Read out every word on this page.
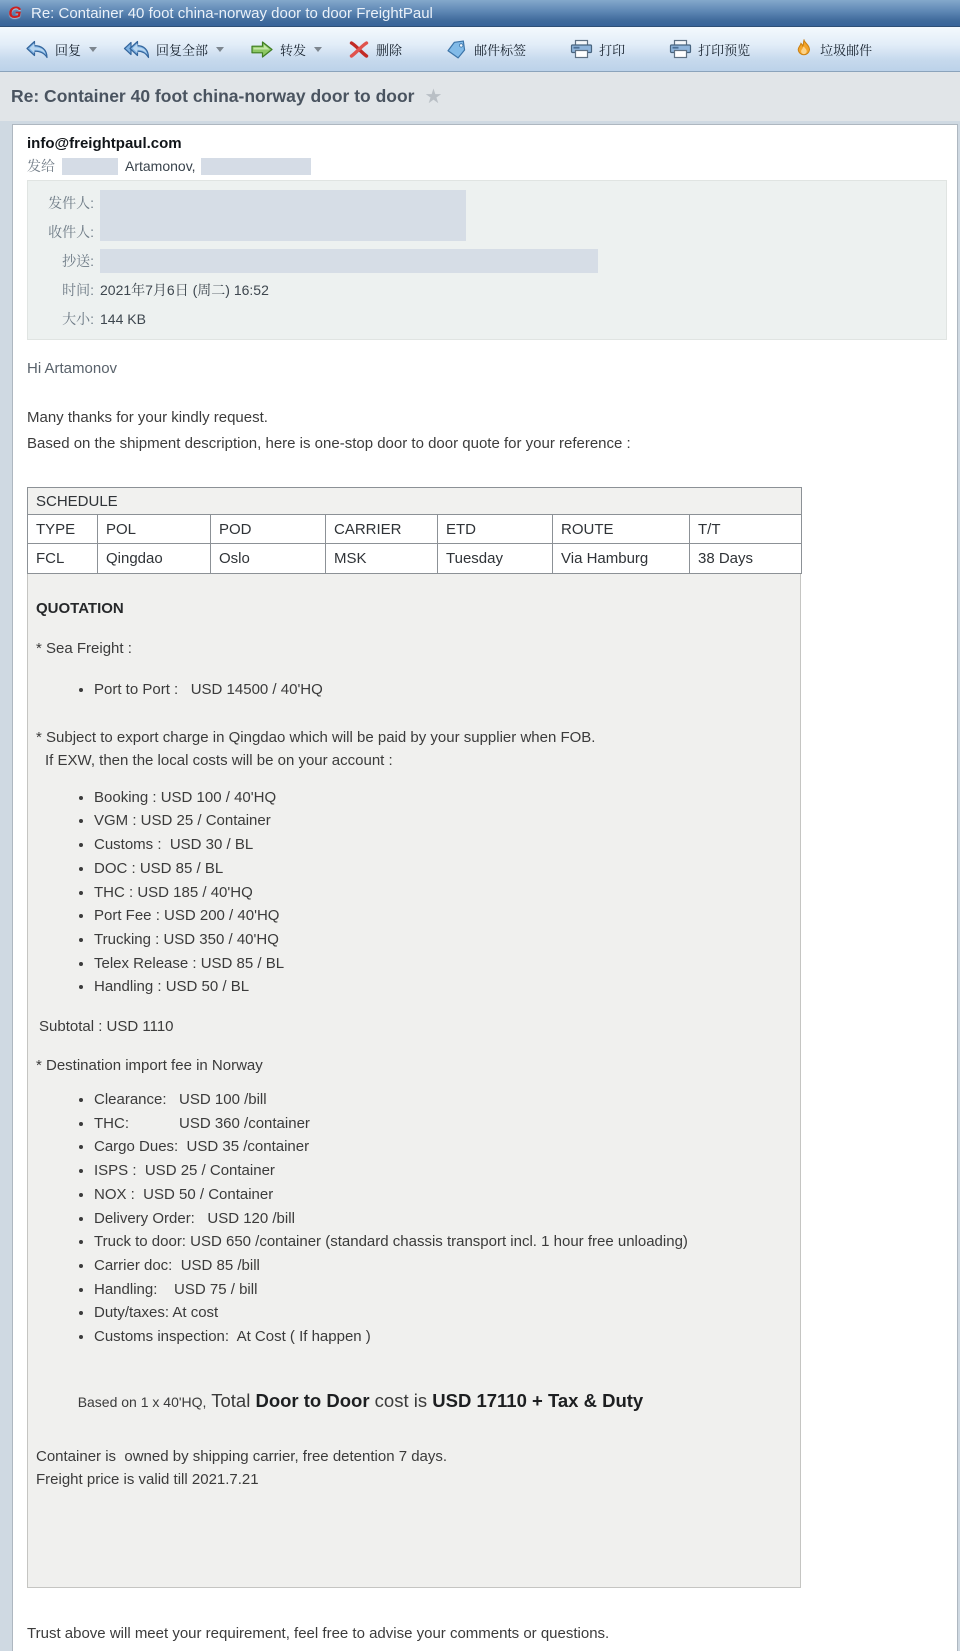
G Re: Container 40 foot china-norway door to door FreightPaul
回复	回复全部	转发	删除	邮件标签	打印	打印预览	垃圾邮件
Re: Container 40 foot china-norway door to door ★
info@freightpaul.com
发给	Artamonov,
发件人:
收件人:
抄送:
时间: 2021年7月6日 (周二) 16:52
大小: 144 KB
Hi Artamonov
Many thanks for your kindly request.
Based on the shipment description, here is one-stop door to door quote for your reference :
SCHEDULE						
TYPE	POL	POD	CARRIER	ETD	ROUTE	T/T
FCL	Qingdao	Oslo	MSK	Tuesday	Via Hamburg	38 Days
QUOTATION
* Sea Freight :
• Port to Port :   USD 14500 / 40'HQ
* Subject to export charge in Qingdao which will be paid by your supplier when FOB.
If EXW, then the local costs will be on your account :
• Booking : USD 100 / 40'HQ
• VGM : USD 25 / Container
• Customs :  USD 30 / BL
• DOC : USD 85 / BL
• THC : USD 185 / 40'HQ
• Port Fee : USD 200 / 40'HQ
• Trucking : USD 350 / 40'HQ
• Telex Release : USD 85 / BL
• Handling : USD 50 / BL
Subtotal : USD 1110
* Destination import fee in Norway
• Clearance:   USD 100 /bill
• THC:            USD 360 /container
• Cargo Dues:  USD 35 /container
• ISPS :  USD 25 / Container
• NOX :  USD 50 / Container
• Delivery Order:   USD 120 /bill
• Truck to door: USD 650 /container (standard chassis transport incl. 1 hour free unloading)
• Carrier doc:  USD 85 /bill
• Handling:    USD 75 / bill
• Duty/taxes: At cost
• Customs inspection:  At Cost ( If happen )

Based on 1 x 40'HQ, Total Door to Door cost is USD 17110 + Tax & Duty

Container is  owned by shipping carrier, free detention 7 days.
Freight price is valid till 2021.7.21
Trust above will meet your requirement, feel free to advise your comments or questions.
